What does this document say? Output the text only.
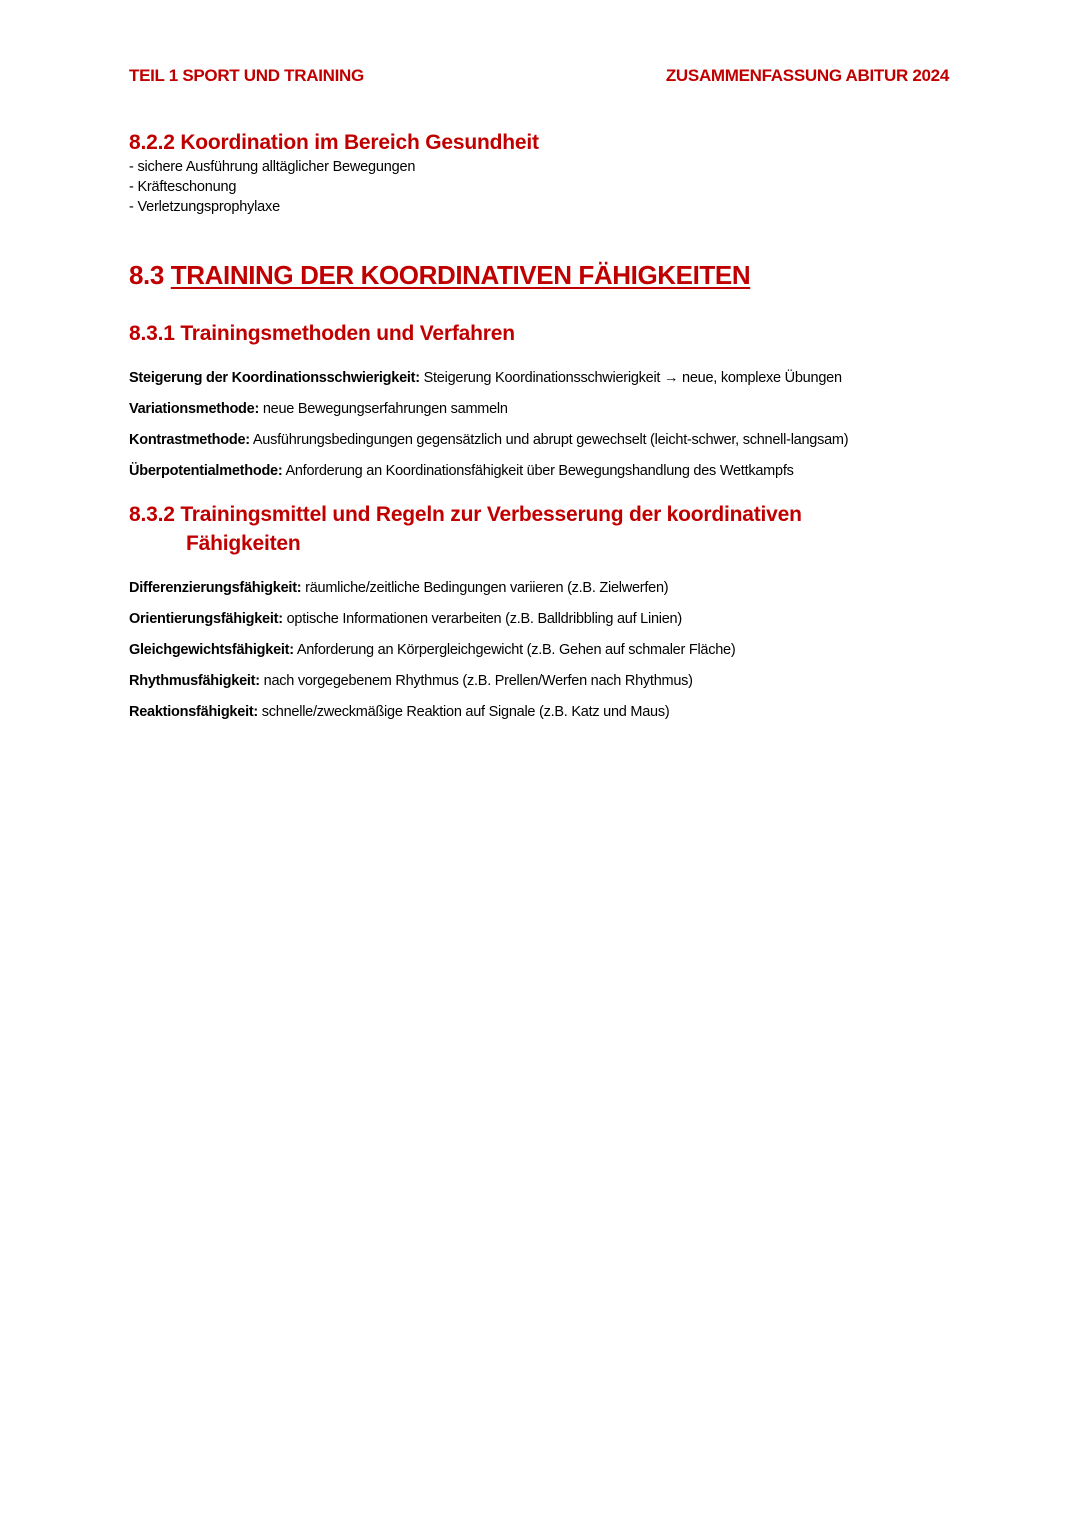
TEIL 1 SPORT UND TRAINING	ZUSAMMENFASSUNG ABITUR 2024
8.2.2 Koordination im Bereich Gesundheit
- sichere Ausführung alltäglicher Bewegungen
- Kräfteschonung
- Verletzungsprophylaxe
8.3 TRAINING DER KOORDINATIVEN FÄHIGKEITEN
8.3.1 Trainingsmethoden und Verfahren
Steigerung der Koordinationsschwierigkeit: Steigerung Koordinationsschwierigkeit → neue, komplexe Übungen
Variationsmethode: neue Bewegungserfahrungen sammeln
Kontrastmethode: Ausführungsbedingungen gegensätzlich und abrupt gewechselt (leicht-schwer, schnell-langsam)
Überpotentialmethode: Anforderung an Koordinationsfähigkeit über Bewegungshandlung des Wettkampfs
8.3.2 Trainingsmittel und Regeln zur Verbesserung der koordinativen
Fähigkeiten
Differenzierungsfähigkeit: räumliche/zeitliche Bedingungen variieren (z.B. Zielwerfen)
Orientierungsfähigkeit: optische Informationen verarbeiten (z.B. Balldribbling auf Linien)
Gleichgewichtsfähigkeit: Anforderung an Körpergleichgewicht (z.B. Gehen auf schmaler Fläche)
Rhythmusfähigkeit: nach vorgegebenem Rhythmus (z.B. Prellen/Werfen nach Rhythmus)
Reaktionsfähigkeit: schnelle/zweckmäßige Reaktion auf Signale (z.B. Katz und Maus)
